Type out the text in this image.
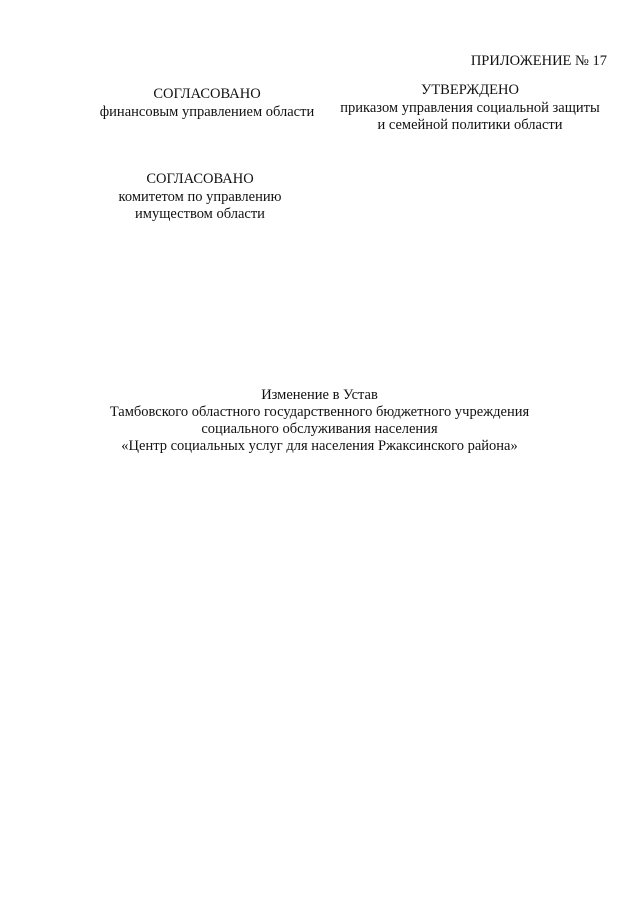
ПРИЛОЖЕНИЕ № 17
СОГЛАСОВАНО
финансовым управлением области
УТВЕРЖДЕНО
приказом управления социальной защиты
и семейной политики области
СОГЛАСОВАНО
комитетом по управлению
имуществом области
Изменение в Устав
Тамбовского областного государственного бюджетного учреждения
социального обслуживания населения
«Центр социальных услуг для населения Ржаксинского района»
